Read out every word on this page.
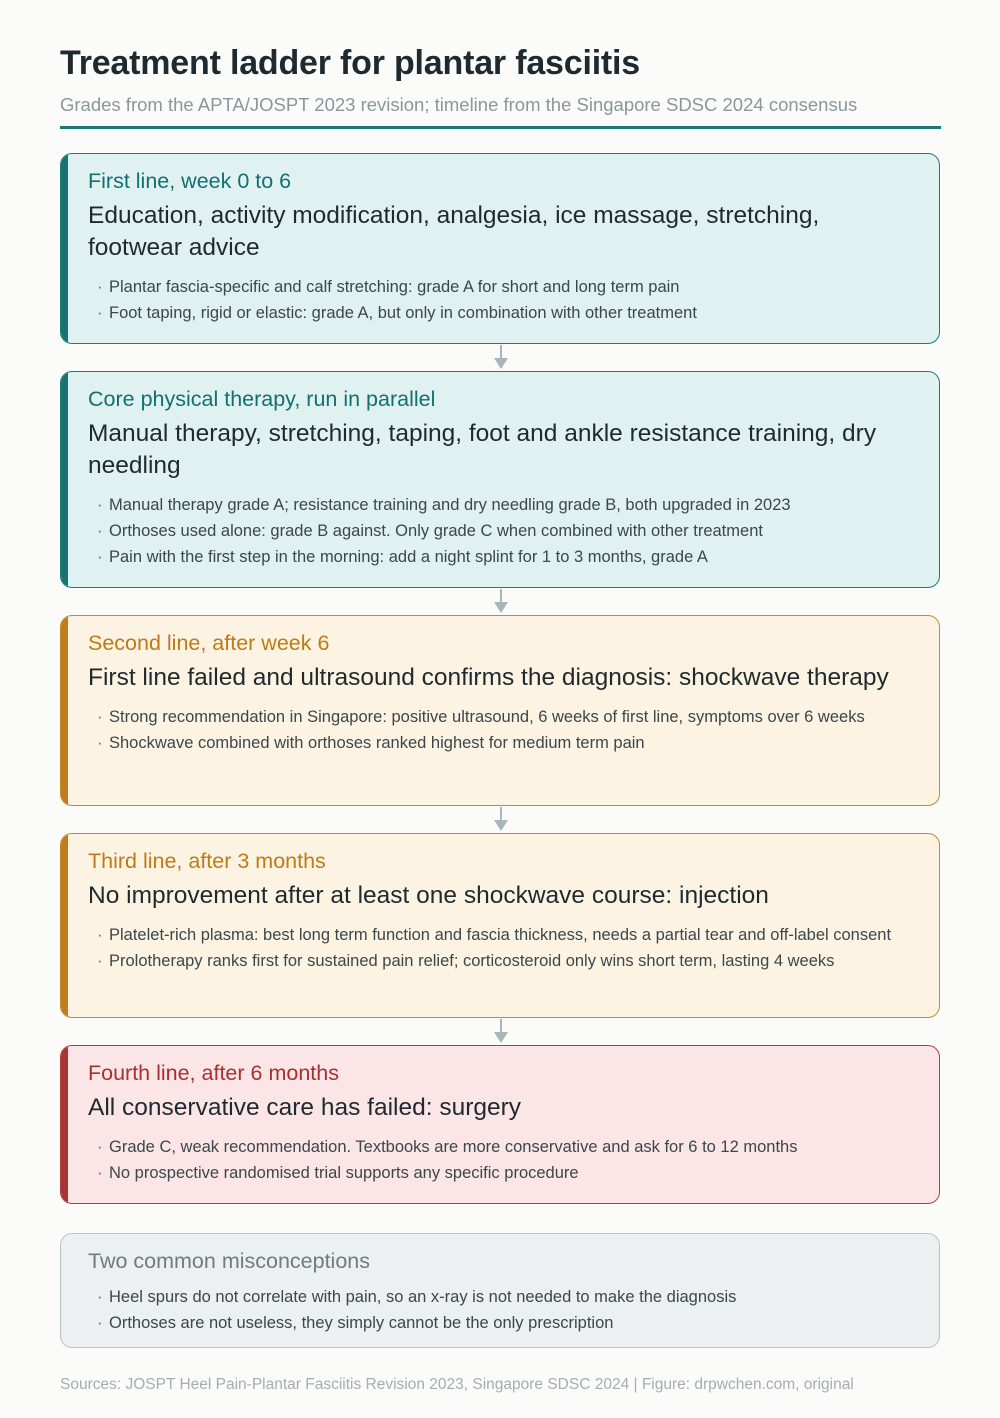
Treatment ladder for plantar fasciitis
Grades from the APTA/JOSPT 2023 revision; timeline from the Singapore SDSC 2024 consensus
First line, week 0 to 6
Education, activity modification, analgesia, ice massage, stretching, footwear advice
· Plantar fascia-specific and calf stretching: grade A for short and long term pain
· Foot taping, rigid or elastic: grade A, but only in combination with other treatment
Core physical therapy, run in parallel
Manual therapy, stretching, taping, foot and ankle resistance training, dry needling
· Manual therapy grade A; resistance training and dry needling grade B, both upgraded in 2023
· Orthoses used alone: grade B against. Only grade C when combined with other treatment
· Pain with the first step in the morning: add a night splint for 1 to 3 months, grade A
Second line, after week 6
First line failed and ultrasound confirms the diagnosis: shockwave therapy
· Strong recommendation in Singapore: positive ultrasound, 6 weeks of first line, symptoms over 6 weeks
· Shockwave combined with orthoses ranked highest for medium term pain
Third line, after 3 months
No improvement after at least one shockwave course: injection
· Platelet-rich plasma: best long term function and fascia thickness, needs a partial tear and off-label consent
· Prolotherapy ranks first for sustained pain relief; corticosteroid only wins short term, lasting 4 weeks
Fourth line, after 6 months
All conservative care has failed: surgery
· Grade C, weak recommendation. Textbooks are more conservative and ask for 6 to 12 months
· No prospective randomised trial supports any specific procedure
Two common misconceptions
· Heel spurs do not correlate with pain, so an x-ray is not needed to make the diagnosis
· Orthoses are not useless, they simply cannot be the only prescription
Sources: JOSPT Heel Pain-Plantar Fasciitis Revision 2023, Singapore SDSC 2024 | Figure: drpwchen.com, original
